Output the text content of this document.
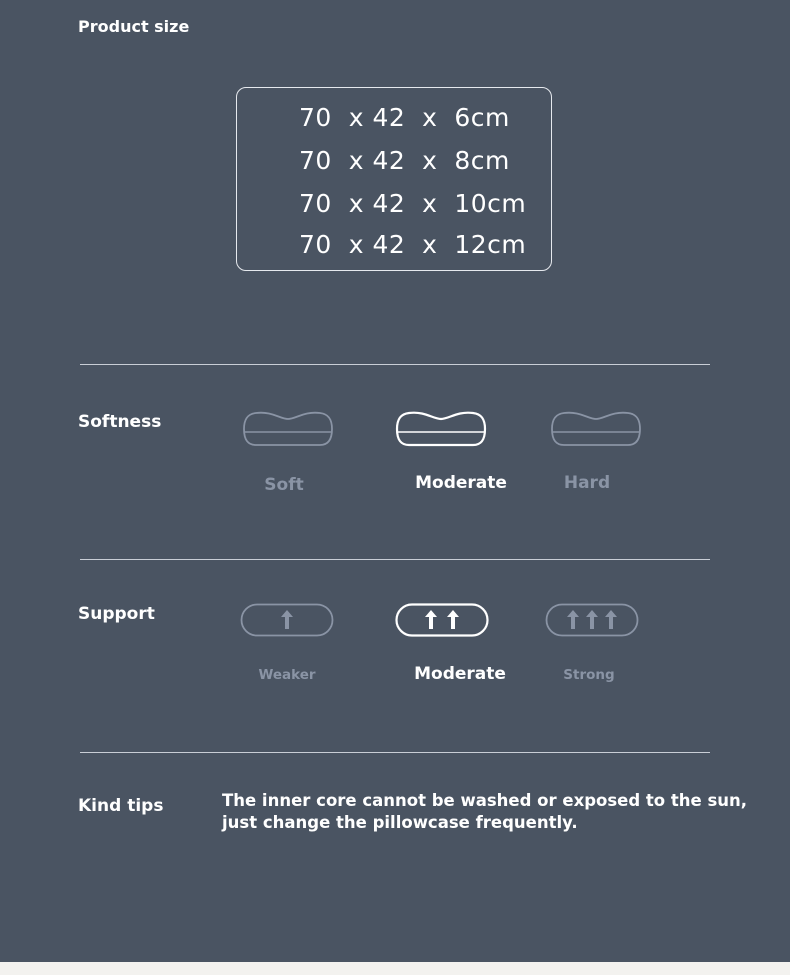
Product size
70  x 42  x  6cm
70  x 42  x  8cm
70  x 42  x  10cm
70  x 42  x  12cm
Softness
Soft	Moderate	Hard
Support
Weaker	Moderate	Strong
Kind tips	The inner core cannot be washed or exposed to the sun,
just change the pillowcase frequently.
